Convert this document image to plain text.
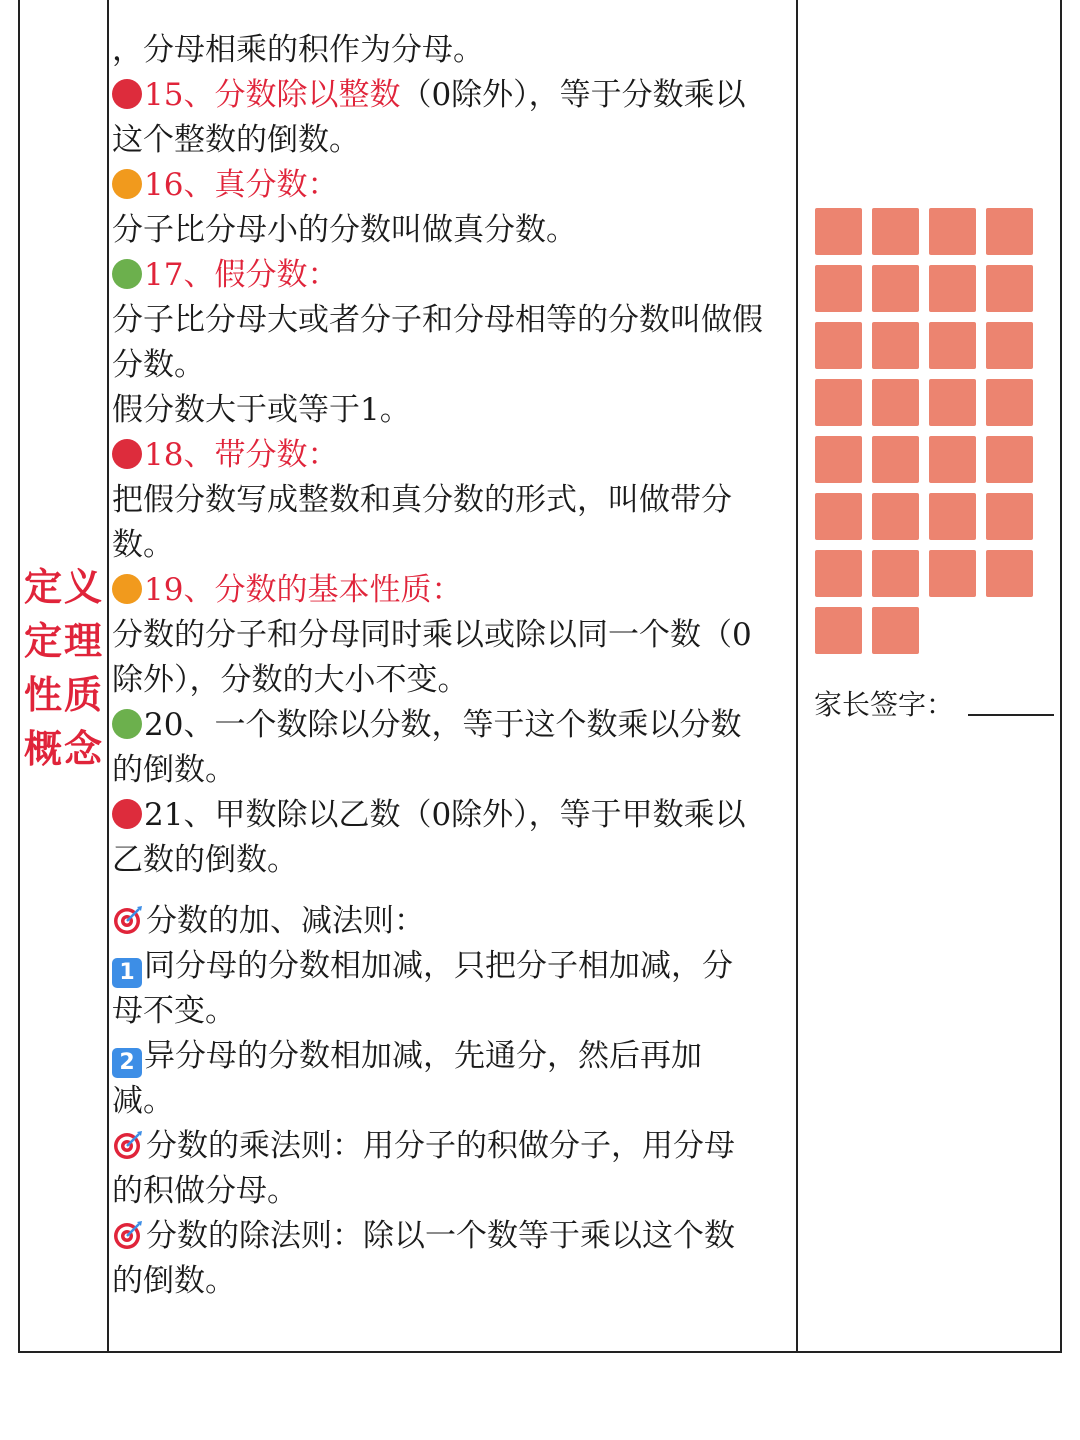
定义
定理
性质
概念
，分母相乘的积作为分母。
15、分数除以整数（0除外），等于分数乘以
这个整数的倒数。
16、真分数：
分子比分母小的分数叫做真分数。
17、假分数：
分子比分母大或者分子和分母相等的分数叫做假
分数。
假分数大于或等于1。
18、带分数：
把假分数写成整数和真分数的形式，叫做带分
数。
19、分数的基本性质：
分数的分子和分母同时乘以或除以同一个数（0
除外），分数的大小不变。
20、一个数除以分数，等于这个数乘以分数
的倒数。
21、甲数除以乙数（0除外），等于甲数乘以
乙数的倒数。
分数的加、减法则：
1 同分母的分数相加减，只把分子相加减，分
母不变。
2 异分母的分数相加减，先通分，然后再加
减。
分数的乘法则：用分子的积做分子，用分母
的积做分母。
分数的除法则：除以一个数等于乘以这个数
的倒数。
家长签字：
